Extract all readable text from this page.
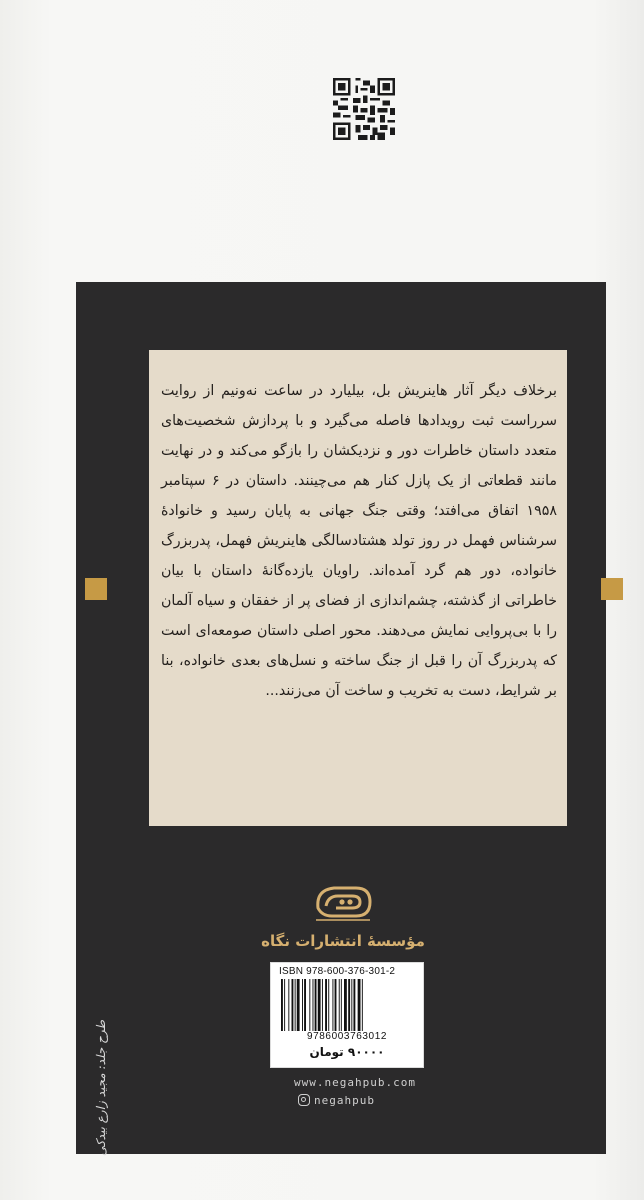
برخلاف دیگر آثار هاینریش بل، بیلیارد در ساعت نه‌ونیم از روایت سرراست ثبت رویدادها فاصله می‌گیرد و با پردازش شخصیت‌های متعدد داستان خاطرات دور و نزدیکشان را بازگو می‌کند و در نهایت مانند قطعاتی از یک پازل کنار هم می‌چینند. داستان در ۶ سپتامبر ۱۹۵۸ اتفاق می‌افتد؛ وقتی جنگ جهانی به پایان رسید و خانوادهٔ سرشناس فهمل در روز تولد هشتادسالگی هاینریش فهمل، پدربزرگ خانواده، دور هم گرد آمده‌اند. راویان یازده‌گانهٔ داستان با بیان خاطراتی از گذشته، چشم‌اندازی از فضای پر از خفقان و سیاه آلمان را با بی‌پروایی نمایش می‌دهند. محور اصلی داستان صومعه‌ای است که پدربزرگ آن را قبل از جنگ ساخته و نسل‌های بعدی خانواده، بنا بر شرایط، دست به تخریب و ساخت آن می‌زنند...

مؤسسهٔ انتشارات نگاه
ISBN 978-600-376-301-2
9786003763012
۹۰۰۰۰ تومان
www.negahpub.com
negahpub
طرح جلد: مجید زارع بیدکی
